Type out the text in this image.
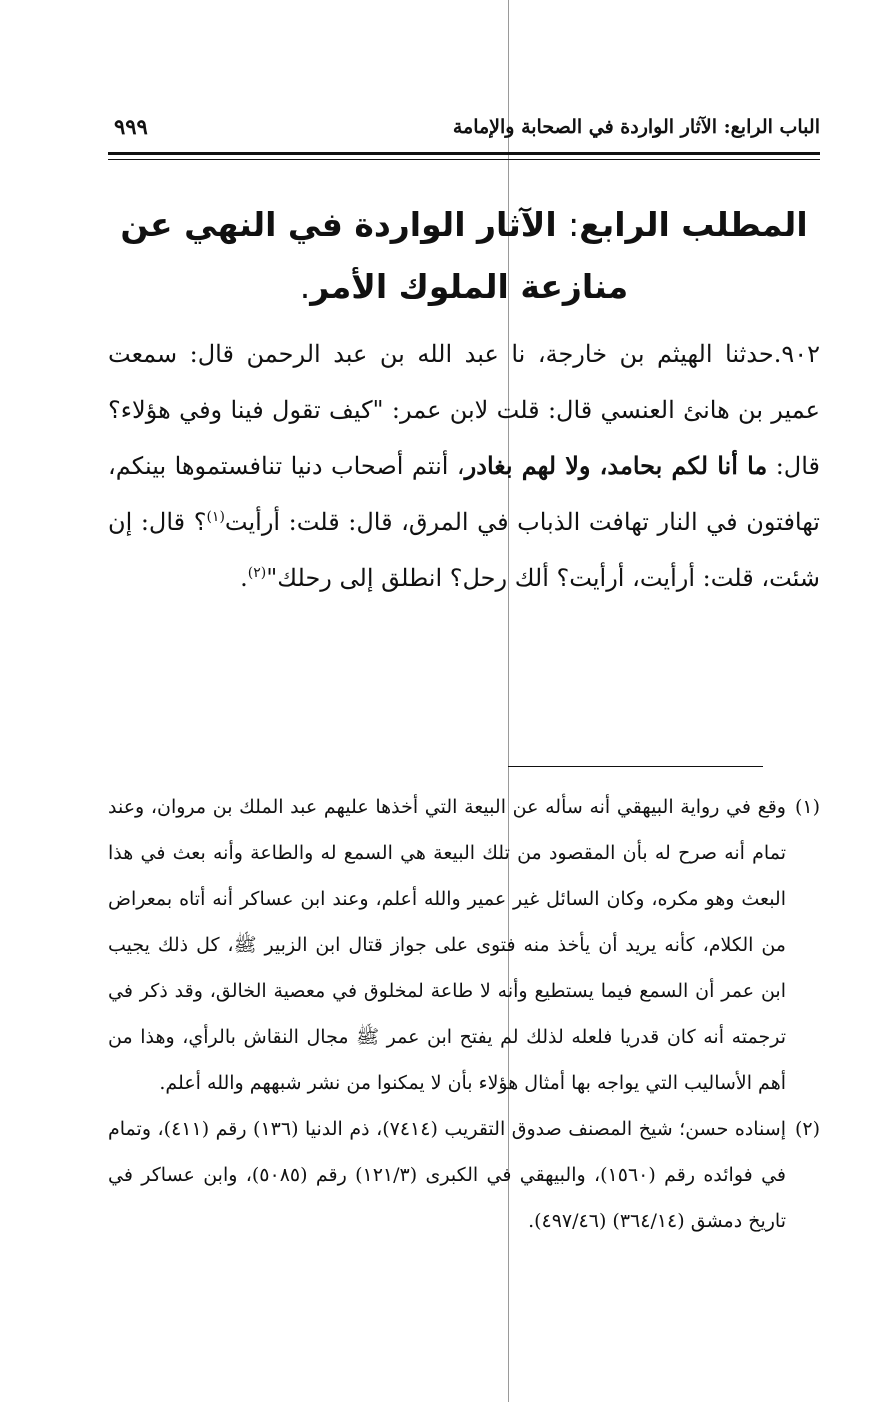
الباب الرابع: الآثار الواردة في الصحابة والإمامة
٩٩٩
المطلب الرابع: الآثار الواردة في النهي عن منازعة الملوك الأمر.
٩٠٢.حدثنا الهيثم بن خارجة، نا عبد الله بن عبد الرحمن قال: سمعت عمير بن هانئ العنسي قال: قلت لابن عمر: "كيف تقول فينا وفي هؤلاء؟ قال: ما أنا لكم بحامد، ولا لهم بغادر، أنتم أصحاب دنيا تنافستموها بينكم، تهافتون في النار تهافت الذباب في المرق، قال: قلت: أرأيت$^{(١)}$؟ قال: إن شئت، قلت: أرأيت، أرأيت؟ ألك رحل؟ انطلق إلى رحلك"$^{(٢)}$.
(١)
وقع في رواية البيهقي أنه سأله عن البيعة التي أخذها عليهم عبد الملك بن مروان، وعند تمام أنه صرح له بأن المقصود من تلك البيعة هي السمع له والطاعة وأنه بعث في هذا البعث وهو مكره، وكان السائل غير عمير والله أعلم، وعند ابن عساكر أنه أتاه بمعراض من الكلام، كأنه يريد أن يأخذ منه فتوى على جواز قتال ابن الزبير ﷺ، كل ذلك يجيب ابن عمر أن السمع فيما يستطيع وأنه لا طاعة لمخلوق في معصية الخالق، وقد ذكر في ترجمته أنه كان قدريا فلعله لذلك لم يفتح ابن عمر ﷺ مجال النقاش بالرأي، وهذا من أهم الأساليب التي يواجه بها أمثال هؤلاء بأن لا يمكنوا من نشر شبههم والله أعلم.
(٢)
إسناده حسن؛ شيخ المصنف صدوق التقريب (٧٤١٤)، ذم الدنيا (١٣٦) رقم (٤١١)، وتمام في فوائده رقم (١٥٦٠)، والبيهقي في الكبرى (١٢١/٣) رقم (٥٠٨٥)، وابن عساكر في تاريخ دمشق (٣٦٤/١٤) (٤٩٧/٤٦).
